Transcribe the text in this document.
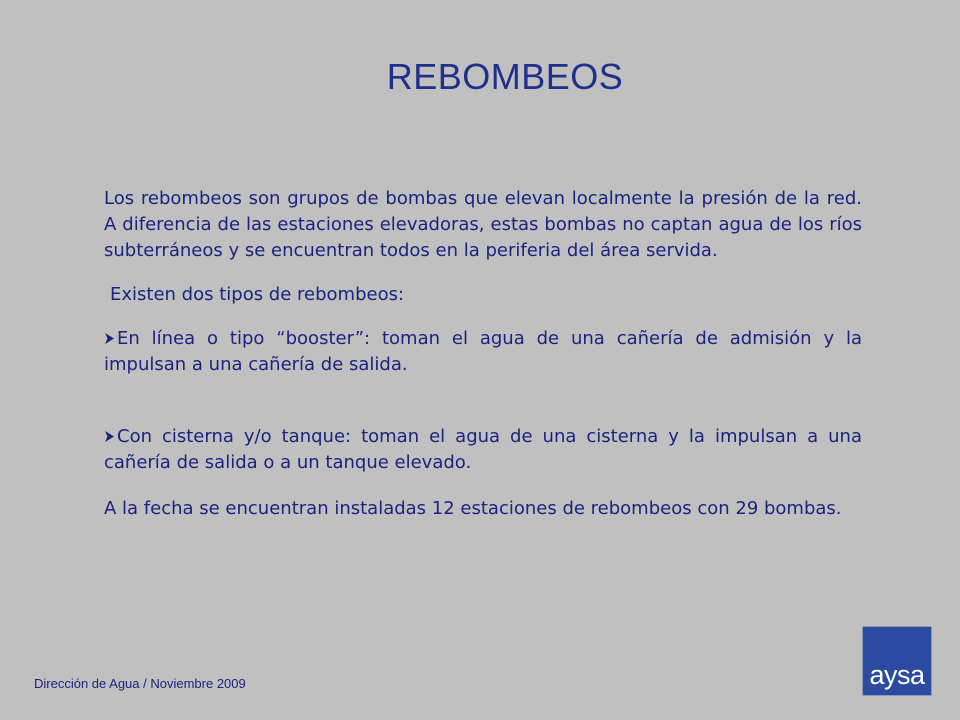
REBOMBEOS

Los rebombeos son grupos de bombas que elevan localmente la presión de la red. A diferencia de las estaciones elevadoras, estas bombas no captan agua de los ríos subterráneos y se encuentran todos en la periferia del área servida.

Existen dos tipos de rebombeos:

En línea o tipo “booster”: toman el agua de una cañería de admisión y la impulsan a una cañería de salida.

Con cisterna y/o tanque: toman el agua de una cisterna y la impulsan a una cañería de salida o a un tanque elevado.

A la fecha se encuentran instaladas 12 estaciones de rebombeos con 29 bombas.

Dirección de Agua / Noviembre 2009	aysa
